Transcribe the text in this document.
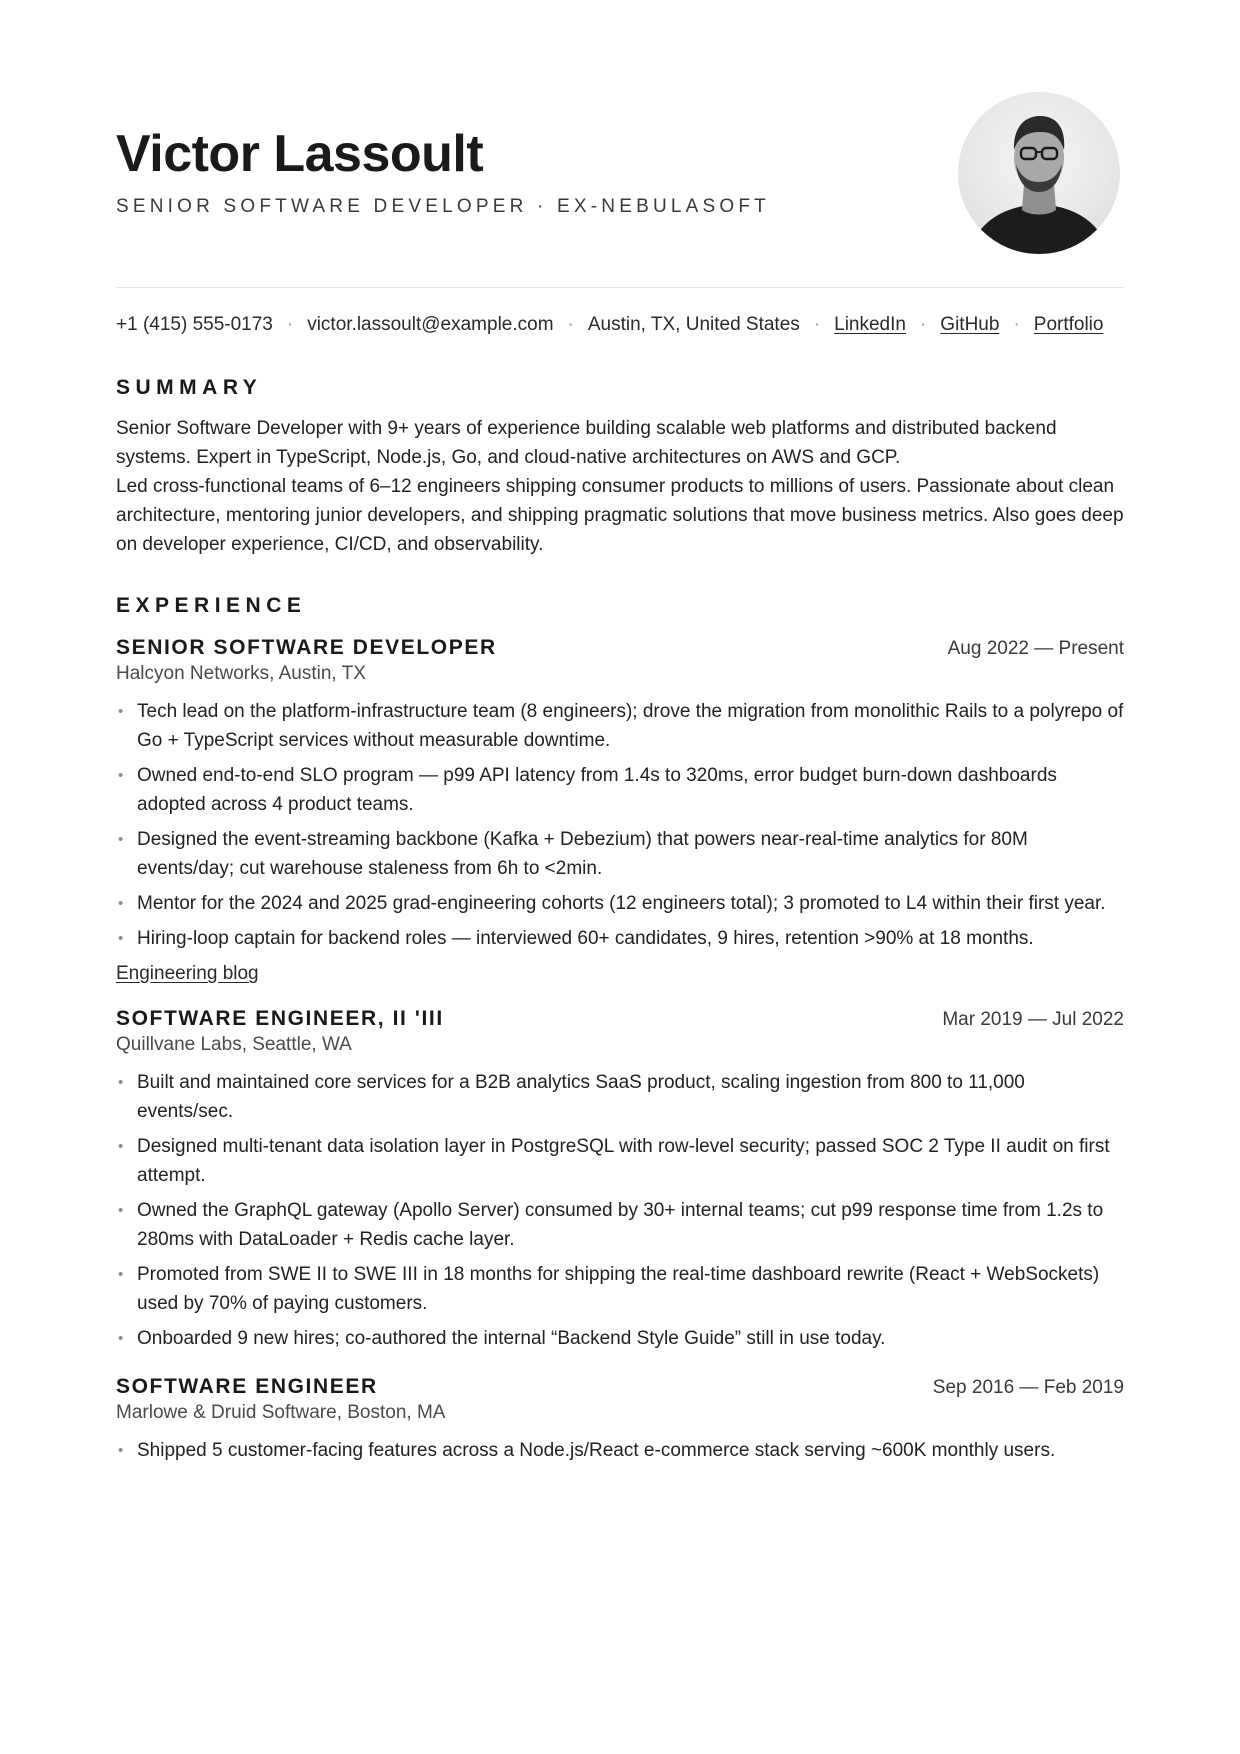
Victor Lassoult
SENIOR SOFTWARE DEVELOPER · EX-NEBULASOFT
+1 (415) 555-0173 · victor.lassoult@example.com · Austin, TX, United States · LinkedIn · GitHub · Portfolio
SUMMARY

Senior Software Developer with 9+ years of experience building scalable web platforms and distributed backend systems. Expert in TypeScript, Node.js, Go, and cloud-native architectures on AWS and GCP.

Led cross-functional teams of 6–12 engineers shipping consumer products to millions of users. Passionate about clean architecture, mentoring junior developers, and shipping pragmatic solutions that move business metrics. Also goes deep on developer experience, CI/CD, and observability.

EXPERIENCE
SENIOR SOFTWARE DEVELOPER	Aug 2022 — Present
Halcyon Networks, Austin, TX
• Tech lead on the platform-infrastructure team (8 engineers); drove the migration from monolithic Rails to a polyrepo of Go + TypeScript services without measurable downtime.
• Owned end-to-end SLO program — p99 API latency from 1.4s to 320ms, error budget burn-down dashboards adopted across 4 product teams.
• Designed the event-streaming backbone (Kafka + Debezium) that powers near-real-time analytics for 80M events/day; cut warehouse staleness from 6h to <2min.
• Mentor for the 2024 and 2025 grad-engineering cohorts (12 engineers total); 3 promoted to L4 within their first year.
• Hiring-loop captain for backend roles — interviewed 60+ candidates, 9 hires, retention >90% at 18 months.
Engineering blog
SOFTWARE ENGINEER, II 'III	Mar 2019 — Jul 2022
Quillvane Labs, Seattle, WA
• Built and maintained core services for a B2B analytics SaaS product, scaling ingestion from 800 to 11,000 events/sec.
• Designed multi-tenant data isolation layer in PostgreSQL with row-level security; passed SOC 2 Type II audit on first attempt.
• Owned the GraphQL gateway (Apollo Server) consumed by 30+ internal teams; cut p99 response time from 1.2s to 280ms with DataLoader + Redis cache layer.
• Promoted from SWE II to SWE III in 18 months for shipping the real-time dashboard rewrite (React + WebSockets) used by 70% of paying customers.
• Onboarded 9 new hires; co-authored the internal “Backend Style Guide” still in use today.
SOFTWARE ENGINEER	Sep 2016 — Feb 2019
Marlowe & Druid Software, Boston, MA
• Shipped 5 customer-facing features across a Node.js/React e-commerce stack serving ~600K monthly users.
